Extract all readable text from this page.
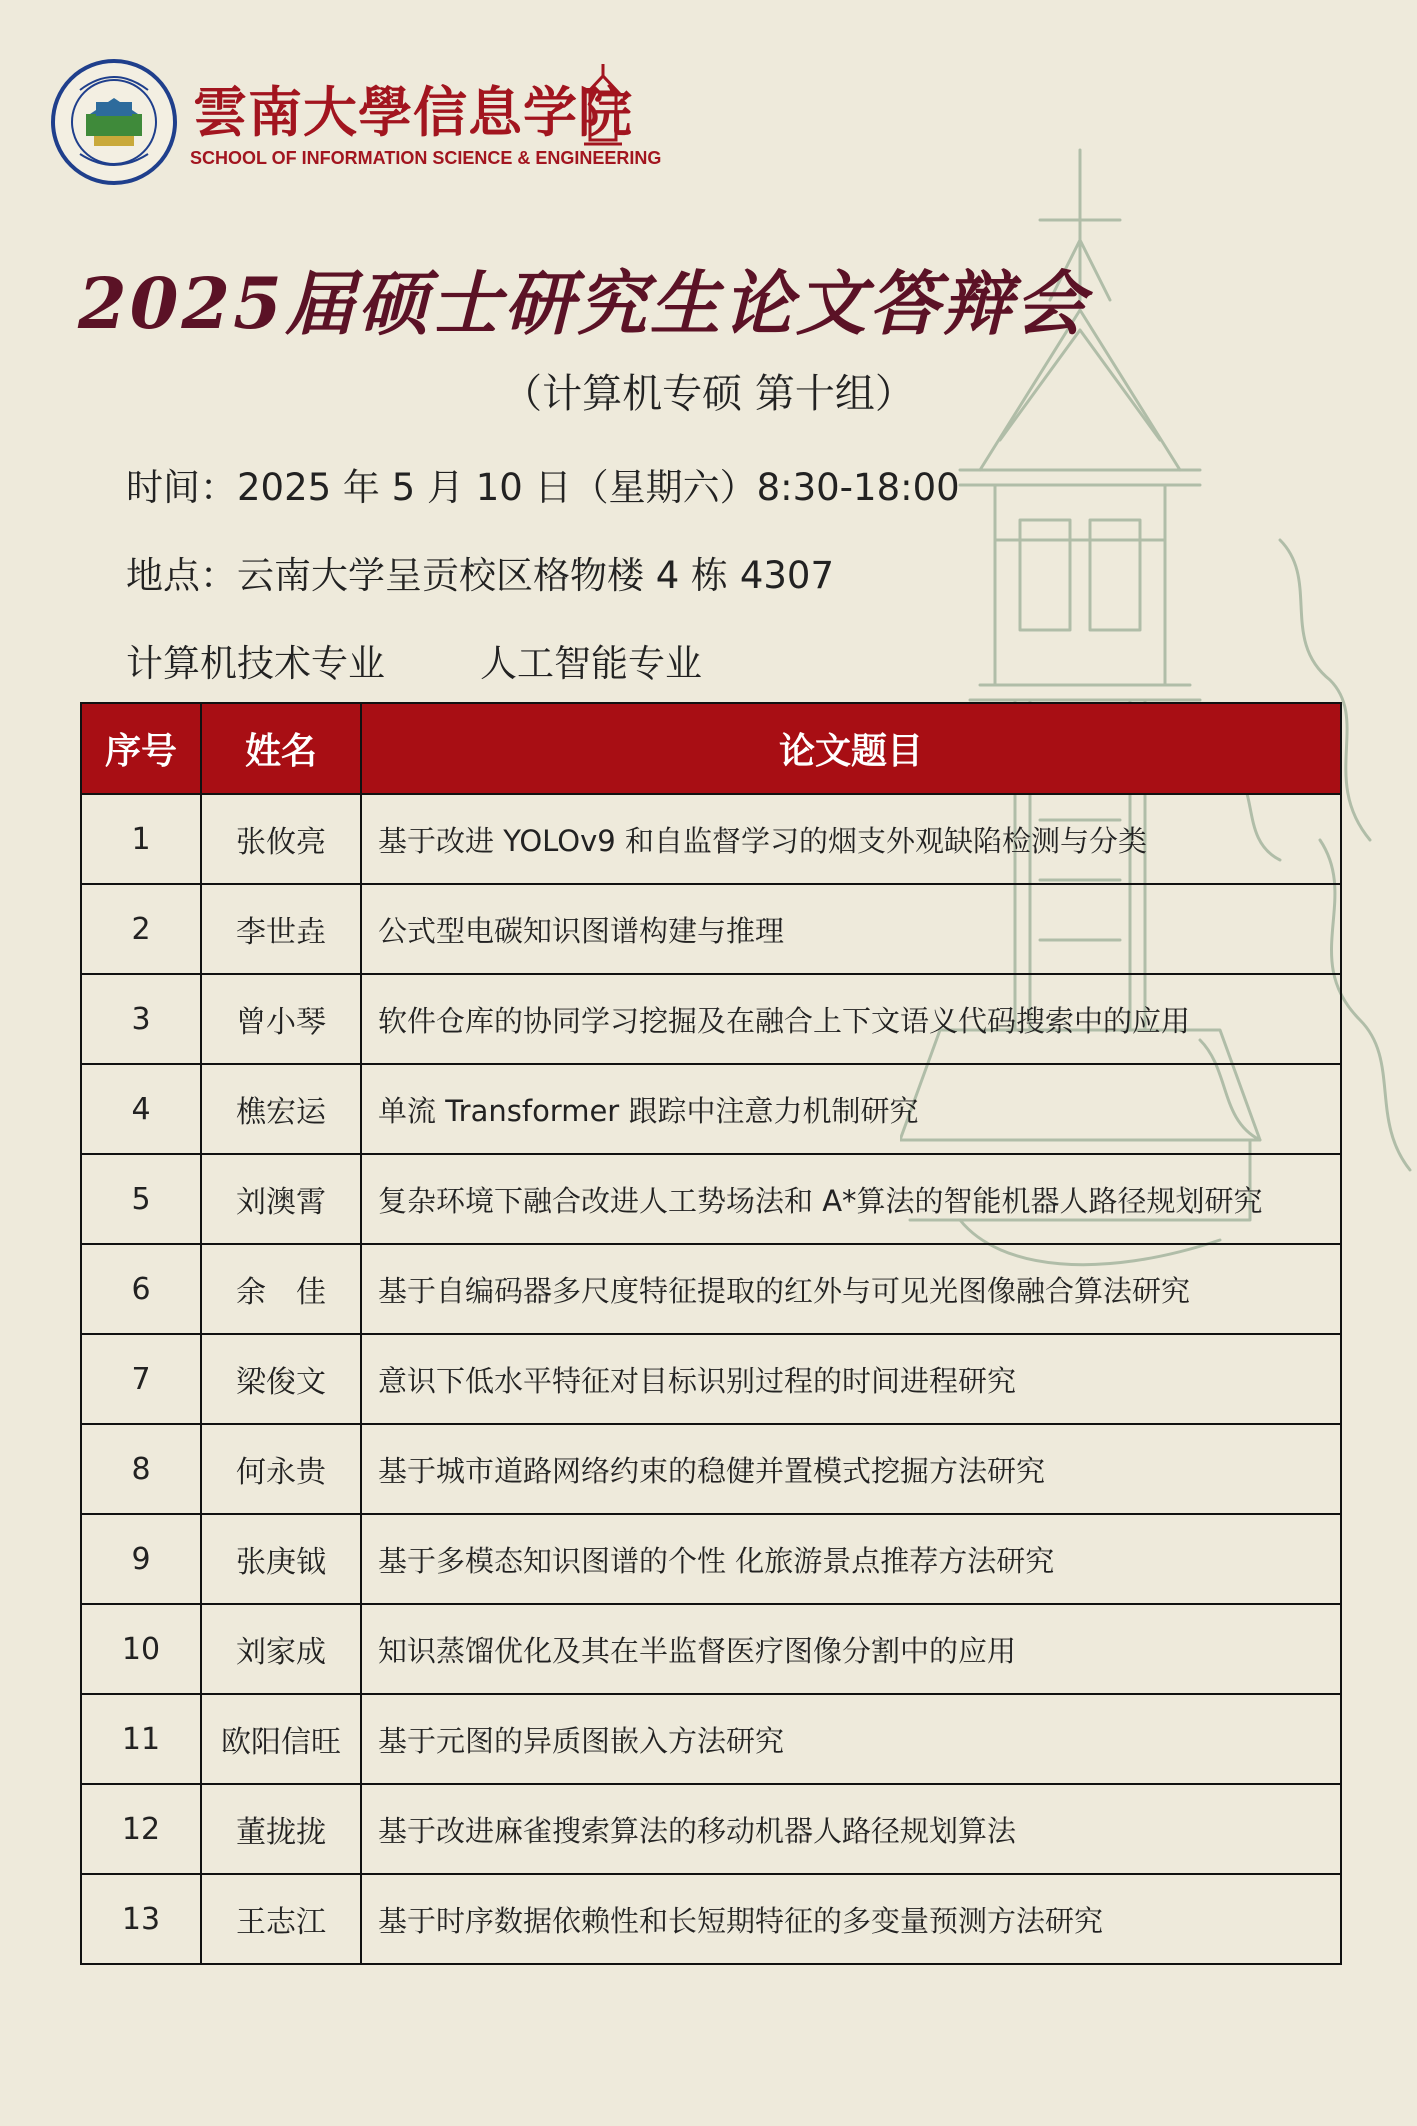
雲南大學信息学院
SCHOOL OF INFORMATION SCIENCE & ENGINEERING
2025届硕士研究生论文答辩会
（计算机专硕 第十组）
时间：2025 年 5 月 10 日（星期六）8:30-18:00
地点：云南大学呈贡校区格物楼 4 栋 4307
计算机技术专业	人工智能专业
序号	姓名	论文题目
1	张攸亮	基于改进 YOLOv9 和自监督学习的烟支外观缺陷检测与分类
2	李世垚	公式型电碳知识图谱构建与推理
3	曾小琴	软件仓库的协同学习挖掘及在融合上下文语义代码搜索中的应用
4	樵宏运	单流 Transformer 跟踪中注意力机制研究
5	刘澳霄	复杂环境下融合改进人工势场法和 A*算法的智能机器人路径规划研究
6	余　佳	基于自编码器多尺度特征提取的红外与可见光图像融合算法研究
7	梁俊文	意识下低水平特征对目标识别过程的时间进程研究
8	何永贵	基于城市道路网络约束的稳健并置模式挖掘方法研究
9	张庚钺	基于多模态知识图谱的个性 化旅游景点推荐方法研究
10	刘家成	知识蒸馏优化及其在半监督医疗图像分割中的应用
11	欧阳信旺	基于元图的异质图嵌入方法研究
12	董拢拢	基于改进麻雀搜索算法的移动机器人路径规划算法
13	王志江	基于时序数据依赖性和长短期特征的多变量预测方法研究
